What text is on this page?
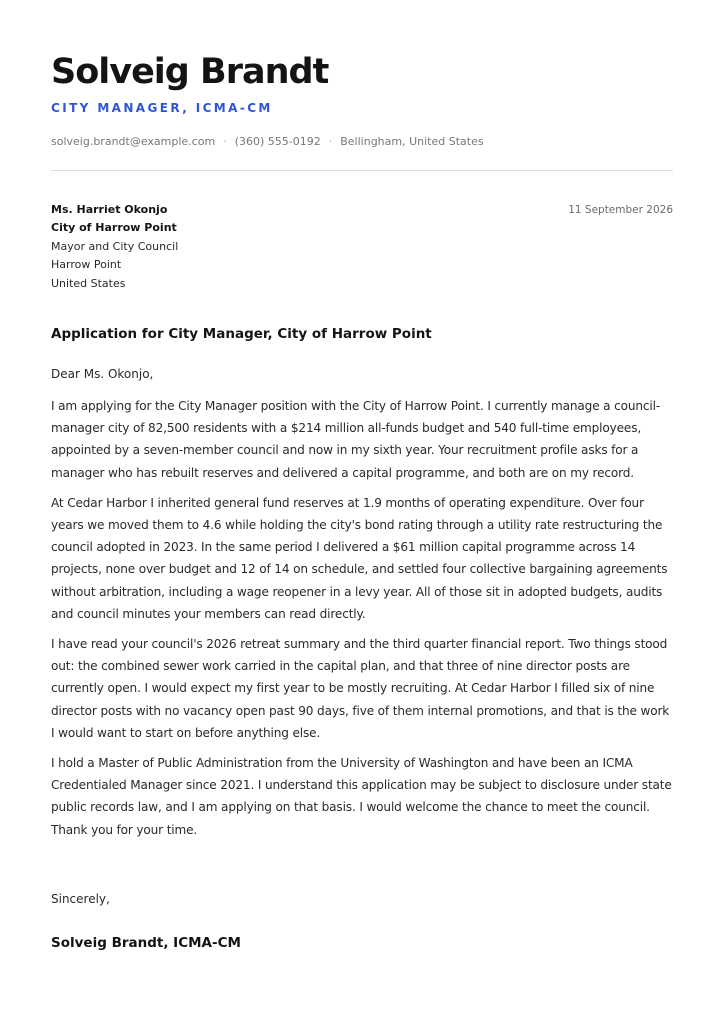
Solveig Brandt
CITY MANAGER, ICMA-CM
solveig.brandt@example.com · (360) 555-0192 · Bellingham, United States
Ms. Harriet Okonjo
City of Harrow Point
Mayor and City Council
Harrow Point
United States
11 September 2026
Application for City Manager, City of Harrow Point
Dear Ms. Okonjo,

I am applying for the City Manager position with the City of Harrow Point. I currently manage a council-manager city of 82,500 residents with a $214 million all-funds budget and 540 full-time employees, appointed by a seven-member council and now in my sixth year. Your recruitment profile asks for a manager who has rebuilt reserves and delivered a capital programme, and both are on my record.

At Cedar Harbor I inherited general fund reserves at 1.9 months of operating expenditure. Over four years we moved them to 4.6 while holding the city's bond rating through a utility rate restructuring the council adopted in 2023. In the same period I delivered a $61 million capital programme across 14 projects, none over budget and 12 of 14 on schedule, and settled four collective bargaining agreements without arbitration, including a wage reopener in a levy year. All of those sit in adopted budgets, audits and council minutes your members can read directly.

I have read your council's 2026 retreat summary and the third quarter financial report. Two things stood out: the combined sewer work carried in the capital plan, and that three of nine director posts are currently open. I would expect my first year to be mostly recruiting. At Cedar Harbor I filled six of nine director posts with no vacancy open past 90 days, five of them internal promotions, and that is the work I would want to start on before anything else.

I hold a Master of Public Administration from the University of Washington and have been an ICMA Credentialed Manager since 2021. I understand this application may be subject to disclosure under state public records law, and I am applying on that basis. I would welcome the chance to meet the council. Thank you for your time.

Sincerely,
Solveig Brandt, ICMA-CM
